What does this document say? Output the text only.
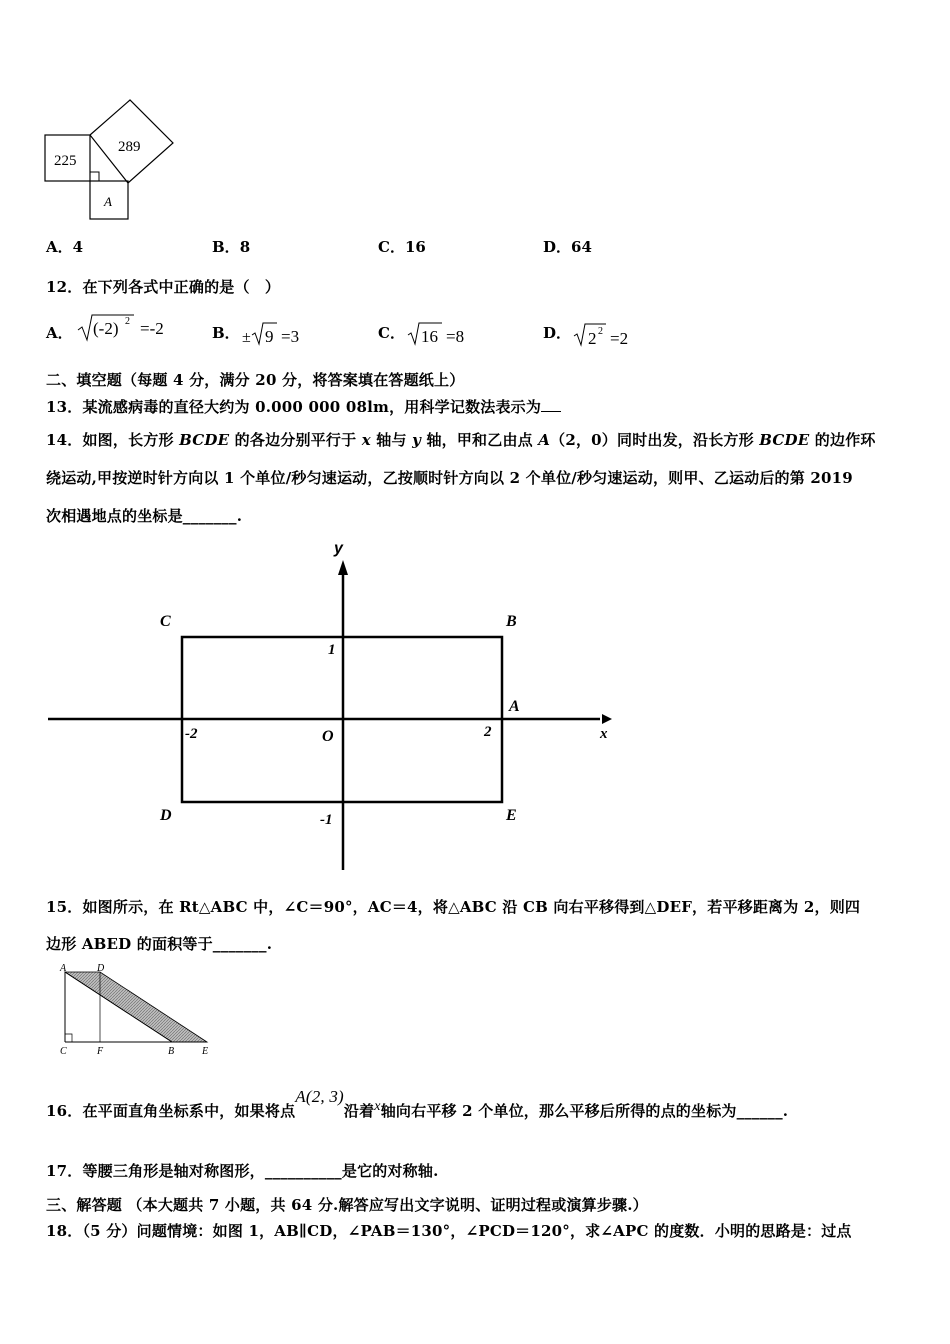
225
289
A
A．4	B．8	C．16	D．64
12．在下列各式中正确的是（　）
A． (-2) 2 =-2	B． ± 9 =3	C． 16 =8	D． 2 2 =2
二、填空题（每题 4 分，满分 20 分，将答案填在答题纸上）
13．某流感病毒的直径大约为 0.000 000 08lm，用科学记数法表示为
14．如图，长方形 BCDE 的各边分别平行于 x 轴与 y 轴，甲和乙由点 A（2，0）同时出发，沿长方形 BCDE 的边作环
绕运动,甲按逆时针方向以 1 个单位/秒匀速运动，乙按顺时针方向以 2 个单位/秒匀速运动，则甲、乙运动后的第 2019
次相遇地点的坐标是_______.
y
x
C	B
A
D	E
O
1
-1
2
-2
15．如图所示，在 Rt△ABC 中，∠C＝90°，AC＝4，将△ABC 沿 CB 向右平移得到△DEF，若平移距离为 2，则四
边形 ABED 的面积等于_______.
A	D
C	F	B	E
16．在平面直角坐标系中，如果将点A(2, 3)沿着x轴向右平移 2 个单位，那么平移后所得的点的坐标为______.
17．等腰三角形是轴对称图形，__________是它的对称轴.
三、解答题 （本大题共 7 小题，共 64 分.解答应写出文字说明、证明过程或演算步骤.）
18．（5 分）问题情境：如图 1，AB∥CD，∠PAB＝130°，∠PCD＝120°，求∠APC 的度数．小明的思路是：过点
